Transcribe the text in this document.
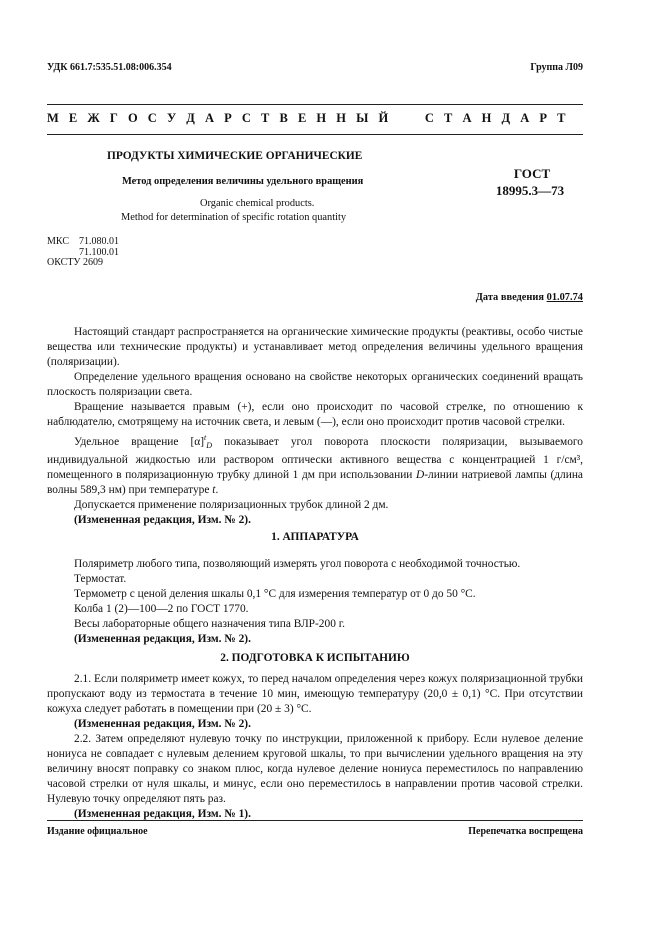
УДК 661.7:535.51.08:006.354	Группа Л09
М Е Ж Г О С У Д А Р С Т В Е Н Н Ы Й     С Т А Н Д А Р Т
ПРОДУКТЫ ХИМИЧЕСКИЕ ОРГАНИЧЕСКИЕ
Метод определения величины удельного вращения
Organic chemical products.
Method for determination of specific rotation quantity
ГОСТ
18995.3—73
МКС 71.080.01
71.100.01
ОКСТУ 2609
Дата введения 01.07.74

Настоящий стандарт распространяется на органические химические продукты (реактивы, особо чистые вещества или технические продукты) и устанавливает метод определения величины удельного вращения (поляризации).

Определение удельного вращения основано на свойстве некоторых органических соединений вращать плоскость поляризации света.

Вращение называется правым (+), если оно происходит по часовой стрелке, по отношению к наблюдателю, смотрящему на источник света, и левым (—), если оно происходит против часовой стрелки.

Удельное вращение $[\alpha]^t_D$ показывает угол поворота плоскости поляризации, вызываемого индивидуальной жидкостью или раствором оптически активного вещества с концентрацией 1 г/см³, помещенного в поляризационную трубку длиной 1 дм при использовании D-линии натриевой лампы (длина волны 589,3 нм) при температуре t.

Допускается применение поляризационных трубок длиной 2 дм.

(Измененная редакция, Изм. № 2).

1. АППАРАТУРА

Поляриметр любого типа, позволяющий измерять угол поворота с необходимой точностью.

Термостат.

Термометр с ценой деления шкалы 0,1 °С для измерения температур от 0 до 50 °С.

Колба 1 (2)—100—2 по ГОСТ 1770.

Весы лабораторные общего назначения типа ВЛР-200 г.

(Измененная редакция, Изм. № 2).

2. ПОДГОТОВКА К ИСПЫТАНИЮ

2.1. Если поляриметр имеет кожух, то перед началом определения через кожух поляризационной трубки пропускают воду из термостата в течение 10 мин, имеющую температуру (20,0 ± 0,1) °С. При отсутствии кожуха следует работать в помещении при (20 ± 3) °С.

(Измененная редакция, Изм. № 2).

2.2. Затем определяют нулевую точку по инструкции, приложенной к прибору. Если нулевое деление нониуса не совпадает с нулевым делением круговой шкалы, то при вычислении удельного вращения на эту величину вносят поправку со знаком плюс, когда нулевое деление нониуса переместилось по направлению часовой стрелки от нуля шкалы, и минус, если оно переместилось в направлении против часовой стрелки. Нулевую точку определяют пять раз.

(Измененная редакция, Изм. № 1).

Издание официальное	Перепечатка воспрещена
